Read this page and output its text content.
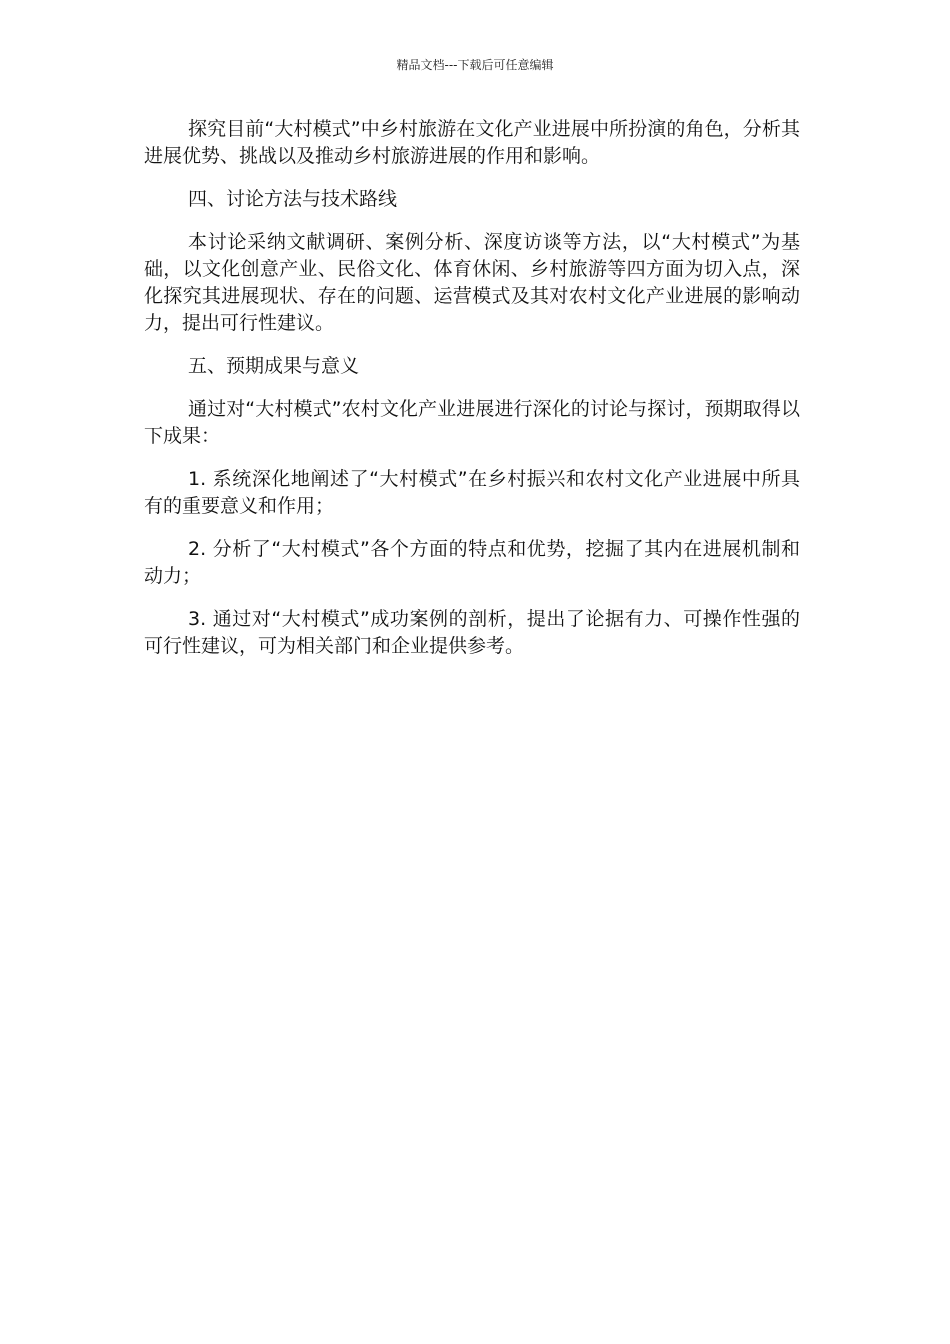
精品文档---下载后可任意编辑

探究目前“大村模式”中乡村旅游在文化产业进展中所扮演的角色，分析其进展优势、挑战以及推动乡村旅游进展的作用和影响。

四、讨论方法与技术路线

本讨论采纳文献调研、案例分析、深度访谈等方法，以“大村模式”为基础，以文化创意产业、民俗文化、体育休闲、乡村旅游等四方面为切入点，深化探究其进展现状、存在的问题、运营模式及其对农村文化产业进展的影响动力，提出可行性建议。

五、预期成果与意义

通过对“大村模式”农村文化产业进展进行深化的讨论与探讨，预期取得以下成果：

1. 系统深化地阐述了“大村模式”在乡村振兴和农村文化产业进展中所具有的重要意义和作用；

2. 分析了“大村模式”各个方面的特点和优势，挖掘了其内在进展机制和动力；

3. 通过对“大村模式”成功案例的剖析，提出了论据有力、可操作性强的可行性建议，可为相关部门和企业提供参考。
